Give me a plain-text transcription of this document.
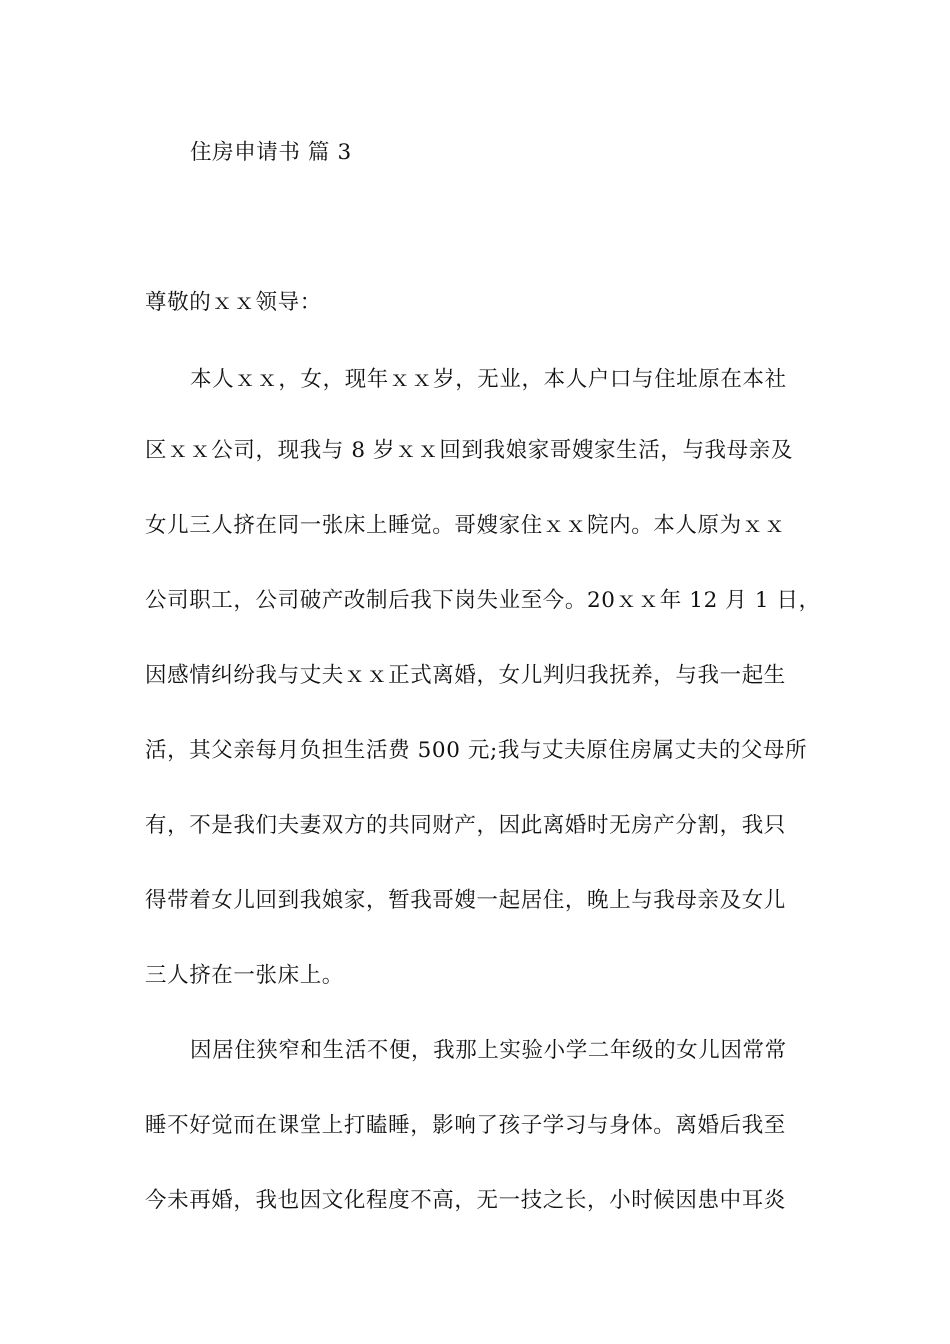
住房申请书 篇 3
尊敬的ｘｘ领导：
本人ｘｘ，女，现年ｘｘ岁，无业，本人户口与住址原在本社
区ｘｘ公司，现我与 8 岁ｘｘ回到我娘家哥嫂家生活，与我母亲及
女儿三人挤在同一张床上睡觉。哥嫂家住ｘｘ院内。本人原为ｘｘ
公司职工，公司破产改制后我下岗失业至今。20ｘｘ年 12 月 1 日，
因感情纠纷我与丈夫ｘｘ正式离婚，女儿判归我抚养，与我一起生
活，其父亲每月负担生活费 500 元;我与丈夫原住房属丈夫的父母所
有，不是我们夫妻双方的共同财产，因此离婚时无房产分割，我只
得带着女儿回到我娘家，暂我哥嫂一起居住，晚上与我母亲及女儿
三人挤在一张床上。
因居住狭窄和生活不便，我那上实验小学二年级的女儿因常常
睡不好觉而在课堂上打瞌睡，影响了孩子学习与身体。离婚后我至
今未再婚，我也因文化程度不高，无一技之长，小时候因患中耳炎
